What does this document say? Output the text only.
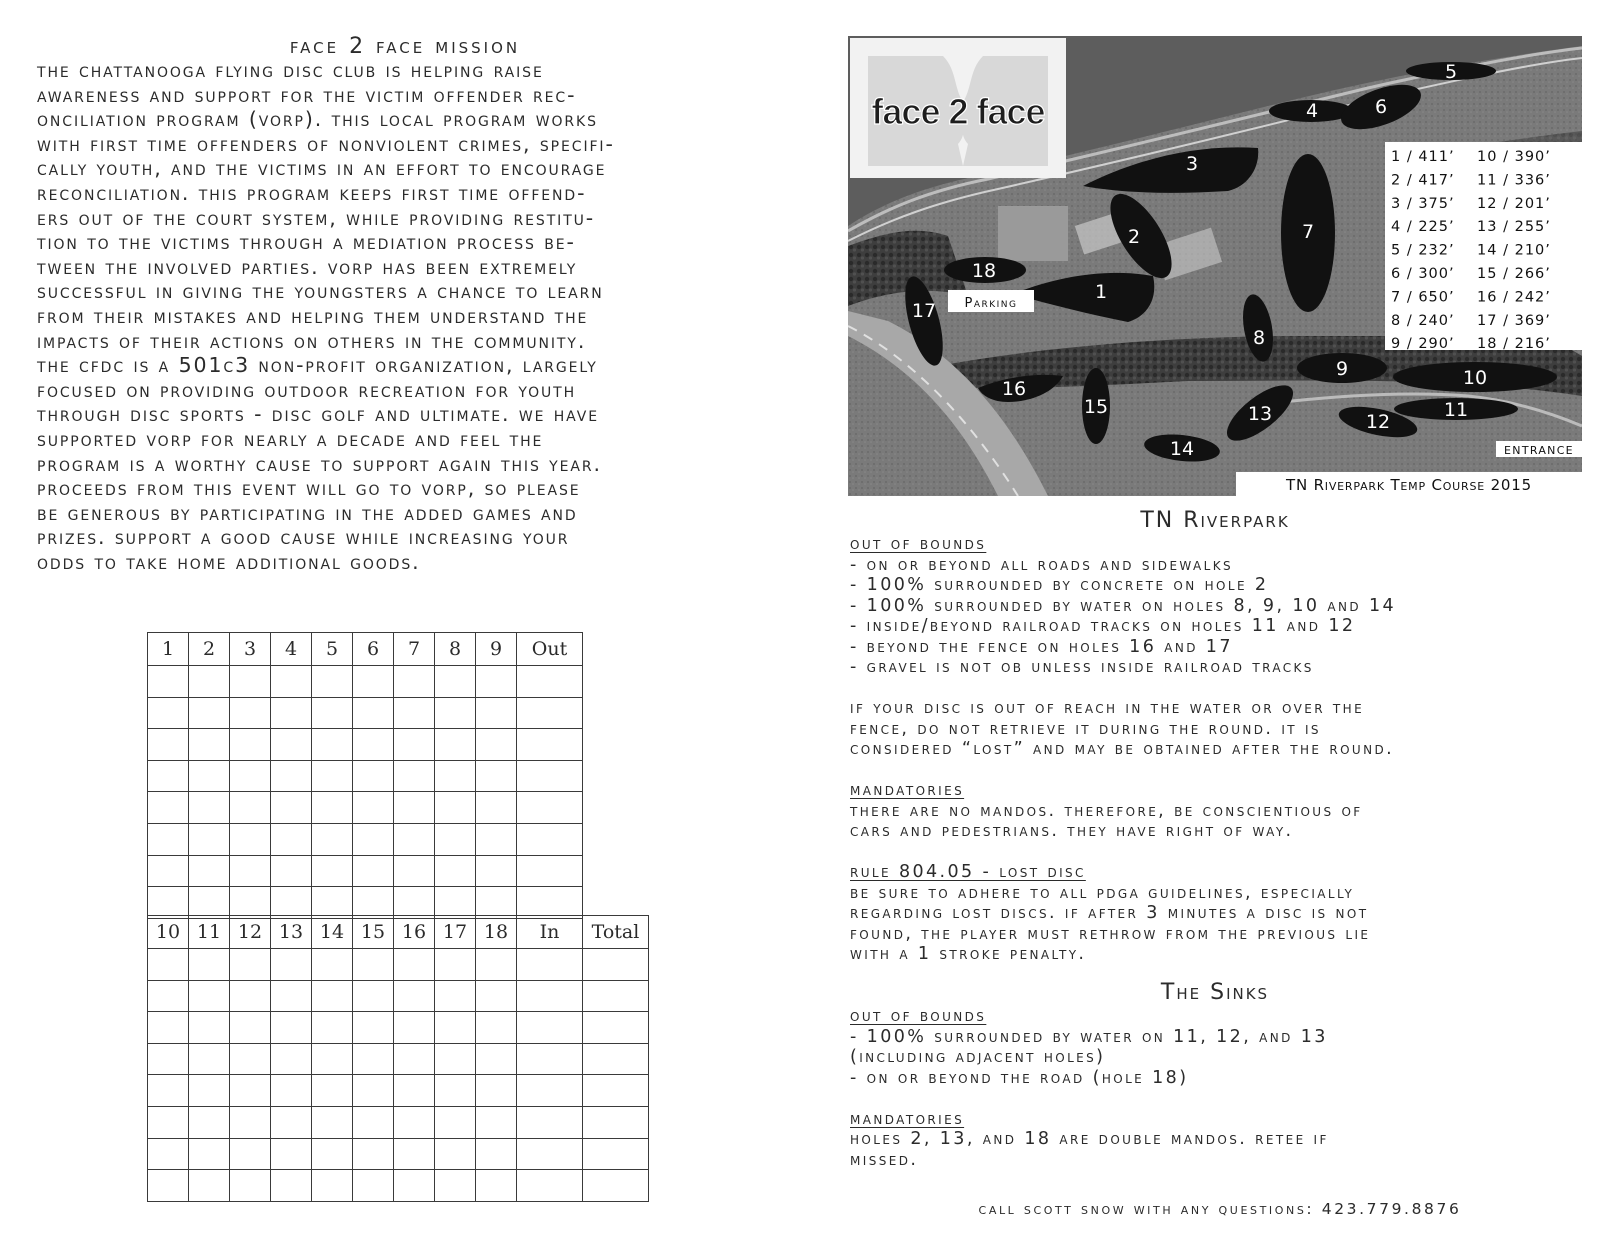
face 2 face mission
the chattanooga flying disc club is helping raise
awareness and support for the victim offender rec-
onciliation program (vorp). this local program works
with first time offenders of nonviolent crimes, specifi-
cally youth, and the victims in an effort to encourage
reconciliation. this program keeps first time offend-
ers out of the court system, while providing restitu-
tion to the victims through a mediation process be-
tween the involved parties. vorp has been extremely
successful in giving the youngsters a chance to learn
from their mistakes and helping them understand the
impacts of their actions on others in the community.
the cfdc is a 501c3 non-profit organization, largely
focused on providing outdoor recreation for youth
through disc sports - disc golf and ultimate. we have
supported vorp for nearly a decade and feel the
program is a worthy cause to support again this year.
proceeds from this event will go to vorp, so please
be generous by participating in the added games and
prizes. support a good cause while increasing your
odds to take home additional goods.
1	2	3	4	5	6	7	8	9	Out

10	11	12	13	14	15	16	17	18	In	Total

face 2 face
1 / 411’    10 / 390’
2 / 417’    11 / 336’
3 / 375’    12 / 201’
4 / 225’    13 / 255’
5 / 232’    14 / 210’
6 / 300’    15 / 266’
7 / 650’    16 / 242’
8 / 240’    17 / 369’
9 / 290’    18 / 216’
1
2
3
4
5
6
7
8
9	10
11
12
13
14
15
16
17
18
Parking
ENTRANCE
TN Riverpark Temp Course 2015
TN Riverpark
out of bounds
- on or beyond all roads and sidewalks
- 100% surrounded by concrete on hole 2
- 100% surrounded by water on holes 8, 9, 10 and 14
- inside/beyond railroad tracks on holes 11 and 12
- beyond the fence on holes 16 and 17
- gravel is not ob unless inside railroad tracks

if your disc is out of reach in the water or over the
fence, do not retrieve it during the round. it is
considered “lost” and may be obtained after the round.

mandatories
there are no mandos. therefore, be conscientious of
cars and pedestrians. they have right of way.

rule 804.05 - lost disc
be sure to adhere to all pdga guidelines, especially
regarding lost discs. if after 3 minutes a disc is not
found, the player must rethrow from the previous lie
with a 1 stroke penalty.
The Sinks
out of bounds
- 100% surrounded by water on 11, 12, and 13
(including adjacent holes)
- on or beyond the road (hole 18)

mandatories
holes 2, 13, and 18 are double mandos. retee if
missed.
call scott snow with any questions: 423.779.8876
